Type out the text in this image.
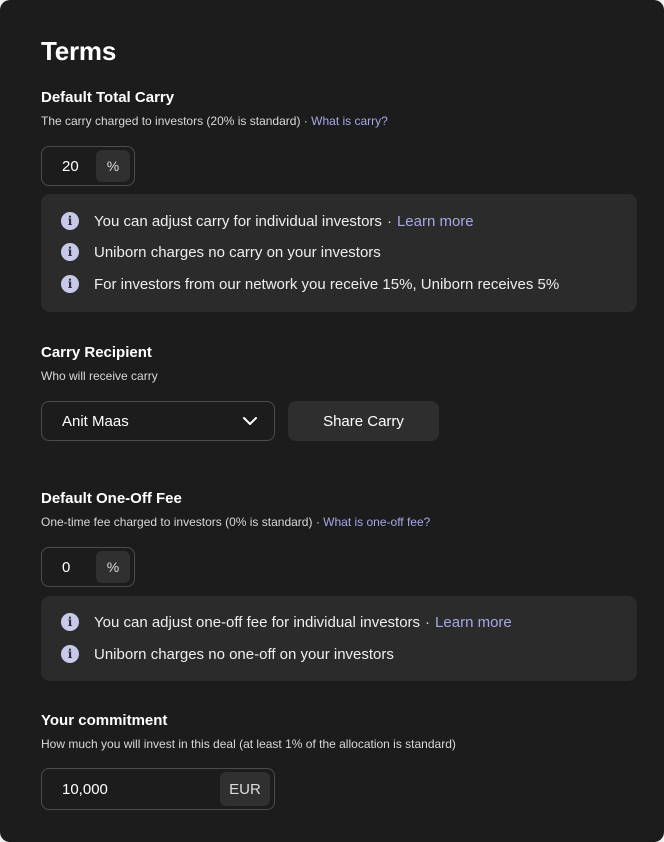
Terms
Default Total Carry
The carry charged to investors (20% is standard) · What is carry?
20	%
i	You can adjust carry for individual investors · Learn more
i	Uniborn charges no carry on your investors
i	For investors from our network you receive 15%, Uniborn receives 5%
Carry Recipient
Who will receive carry
Anit Maas	Share Carry
Default One-Off Fee
One-time fee charged to investors (0% is standard) · What is one-off fee?
0	%
i	You can adjust one-off fee for individual investors · Learn more
i	Uniborn charges no one-off on your investors
Your commitment
How much you will invest in this deal (at least 1% of the allocation is standard)
10,000	EUR
